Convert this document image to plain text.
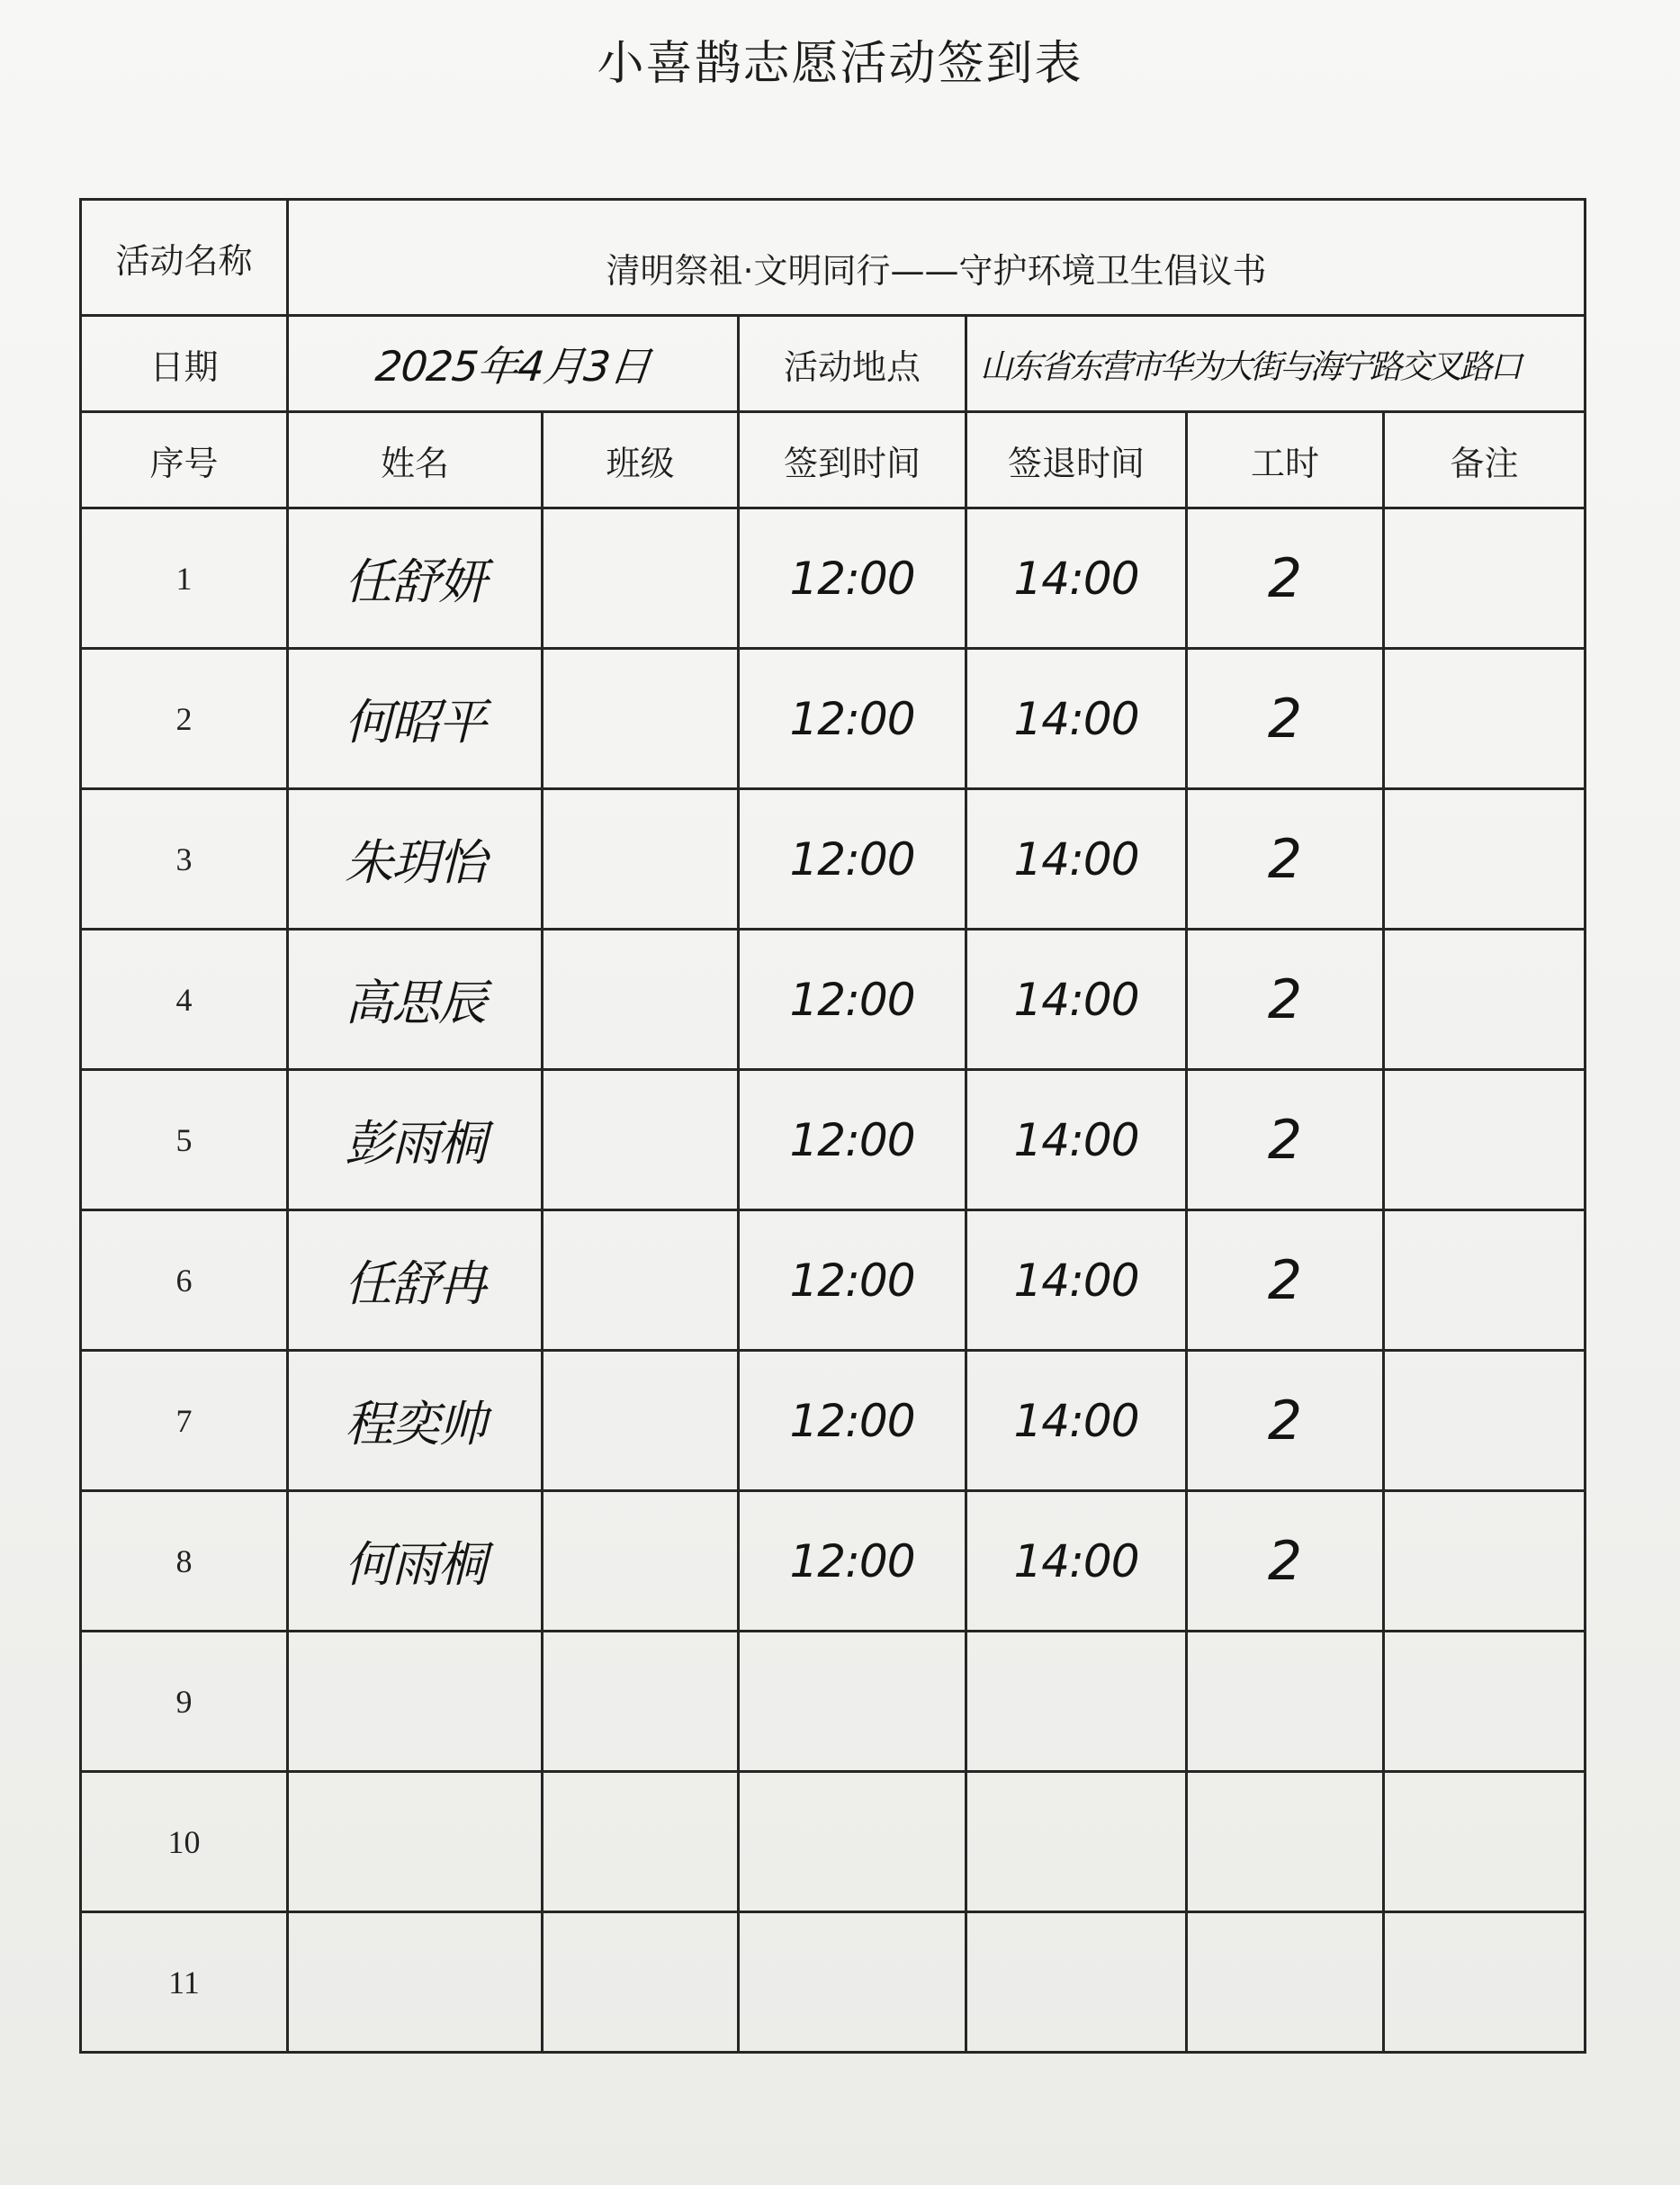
小喜鹊志愿活动签到表
活动名称	清明祭祖·文明同行——守护环境卫生倡议书					
日期	2025年4月3日		活动地点	山东省东营市华为大街与海宁路交叉路口		
序号	姓名	班级	签到时间	签退时间	工时	备注
1	任舒妍		12:00	14:00	2	
2	何昭平		12:00	14:00	2	
3	朱玥怡		12:00	14:00	2	
4	高思辰		12:00	14:00	2	
5	彭雨桐		12:00	14:00	2	
6	任舒冉		12:00	14:00	2	
7	程奕帅		12:00	14:00	2	
8	何雨桐		12:00	14:00	2	
9						
10						
11						
